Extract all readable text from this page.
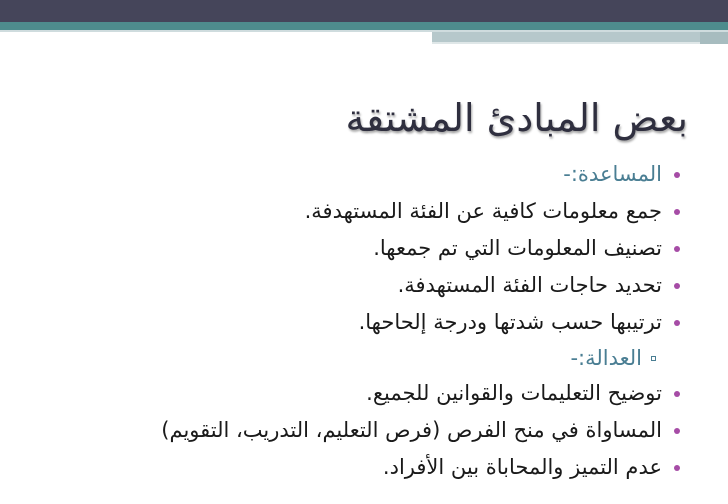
بعض المبادئ المشتقة
المساعدة:-
جمع معلومات كافية عن الفئة المستهدفة.
تصنيف المعلومات التي تم جمعها.
تحديد حاجات الفئة المستهدفة.
ترتيبها حسب شدتها ودرجة إلحاحها.
العدالة:-
توضيح التعليمات والقوانين للجميع.
المساواة في منح الفرص (فرص التعليم، التدريب، التقويم)
عدم التميز والمحاباة بين الأفراد.
